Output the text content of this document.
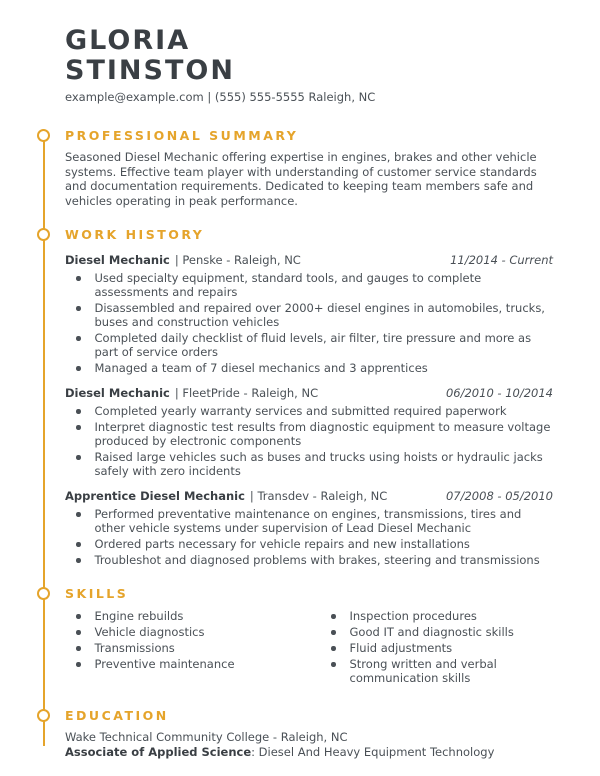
GLORIA
STINSTON
example@example.com | (555) 555-5555 Raleigh, NC
PROFESSIONAL SUMMARY

Seasoned Diesel Mechanic offering expertise in engines, brakes and other vehicle systems. Effective team player with understanding of customer service standards and documentation requirements. Dedicated to keeping team members safe and vehicles operating in peak performance.

WORK HISTORY
Diesel Mechanic | Penske - Raleigh, NC	11/2014 - Current
Used specialty equipment, standard tools, and gauges to complete assessments and repairs
Disassembled and repaired over 2000+ diesel engines in automobiles, trucks, buses and construction vehicles
Completed daily checklist of fluid levels, air filter, tire pressure and more as part of service orders
Managed a team of 7 diesel mechanics and 3 apprentices
Diesel Mechanic | FleetPride - Raleigh, NC	06/2010 - 10/2014
Completed yearly warranty services and submitted required paperwork
Interpret diagnostic test results from diagnostic equipment to measure voltage produced by electronic components
Raised large vehicles such as buses and trucks using hoists or hydraulic jacks safely with zero incidents
Apprentice Diesel Mechanic | Transdev - Raleigh, NC	07/2008 - 05/2010
Performed preventative maintenance on engines, transmissions, tires and other vehicle systems under supervision of Lead Diesel Mechanic
Ordered parts necessary for vehicle repairs and new installations
Troubleshot and diagnosed problems with brakes, steering and transmissions
SKILLS
Engine rebuilds
Vehicle diagnostics
Transmissions
Preventive maintenance
Inspection procedures
Good IT and diagnostic skills
Fluid adjustments
Strong written and verbal communication skills
EDUCATION
Wake Technical Community College - Raleigh, NC
Associate of Applied Science: Diesel And Heavy Equipment Technology
